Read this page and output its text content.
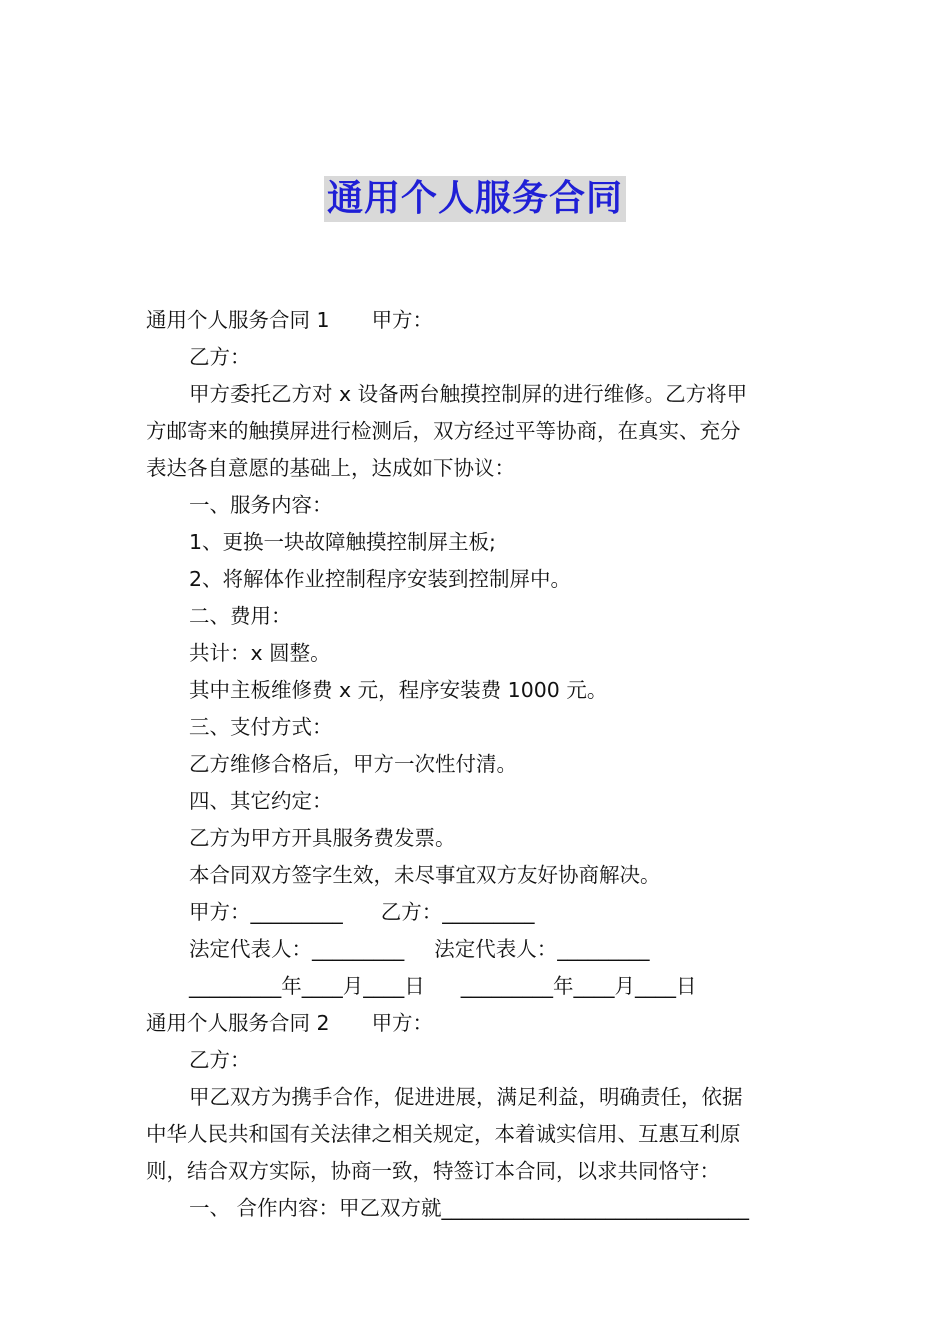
通用个人服务合同
通用个人服务合同 1 甲方：
乙方：
甲方委托乙方对 x 设备两台触摸控制屏的进行维修。乙方将甲
方邮寄来的触摸屏进行检测后，双方经过平等协商，在真实、充分
表达各自意愿的基础上，达成如下协议：
一、服务内容：
1、更换一块故障触摸控制屏主板;
2、将解体作业控制程序安装到控制屏中。
二、费用：
共计：x 圆整。
其中主板维修费 x 元，程序安装费 1000 元。
三、支付方式：
乙方维修合格后，甲方一次性付清。
四、其它约定：
乙方为甲方开具服务费发票。
本合同双方签字生效，未尽事宜双方友好协商解决。
甲方：_________ 乙方：_________
法定代表人：_________ 法定代表人：_________
_________年____月____日 _________年____月____日
通用个人服务合同 2 甲方：
乙方：
甲乙双方为携手合作，促进进展，满足利益，明确责任，依据
中华人民共和国有关法律之相关规定，本着诚实信用、互惠互利原
则，结合双方实际，协商一致，特签订本合同，以求共同恪守：
一、 合作内容：甲乙双方就______________________________
